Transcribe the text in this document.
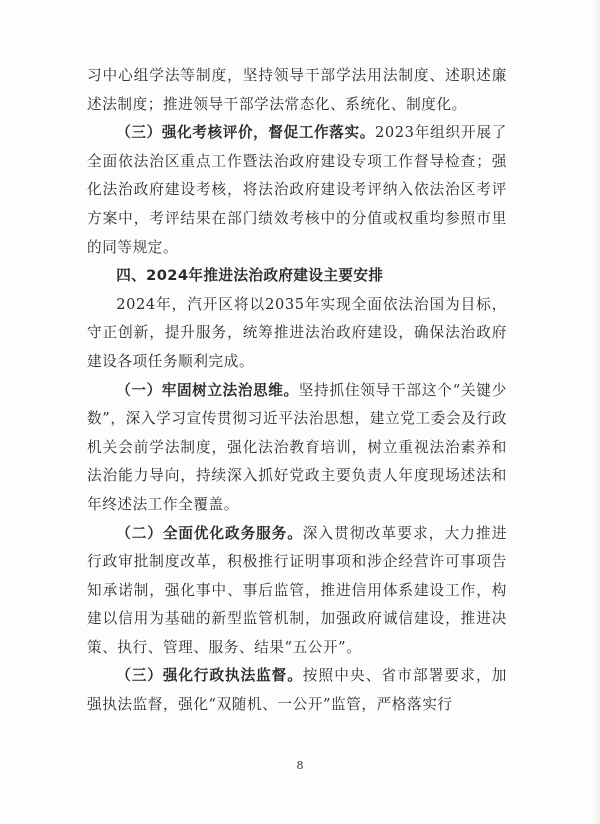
习中心组学法等制度，坚持领导干部学法用法制度、述职述廉述法制度；推进领导干部学法常态化、系统化、制度化。

（三）强化考核评价，督促工作落实。2023年组织开展了全面依法治区重点工作暨法治政府建设专项工作督导检查；强化法治政府建设考核，将法治政府建设考评纳入依法治区考评方案中，考评结果在部门绩效考核中的分值或权重均参照市里的同等规定。

四、2024年推进法治政府建设主要安排

2024年，汽开区将以2035年实现全面依法治国为目标，守正创新，提升服务，统筹推进法治政府建设，确保法治政府建设各项任务顺利完成。

（一）牢固树立法治思维。坚持抓住领导干部这个“关键少数”，深入学习宣传贯彻习近平法治思想，建立党工委会及行政机关会前学法制度，强化法治教育培训，树立重视法治素养和法治能力导向，持续深入抓好党政主要负责人年度现场述法和年终述法工作全覆盖。

（二）全面优化政务服务。深入贯彻改革要求，大力推进行政审批制度改革，积极推行证明事项和涉企经营许可事项告知承诺制，强化事中、事后监管，推进信用体系建设工作，构建以信用为基础的新型监管机制，加强政府诚信建设，推进决策、执行、管理、服务、结果“五公开”。

（三）强化行政执法监督。按照中央、省市部署要求，加强执法监督，强化“双随机、一公开”监管，严格落实行

8
